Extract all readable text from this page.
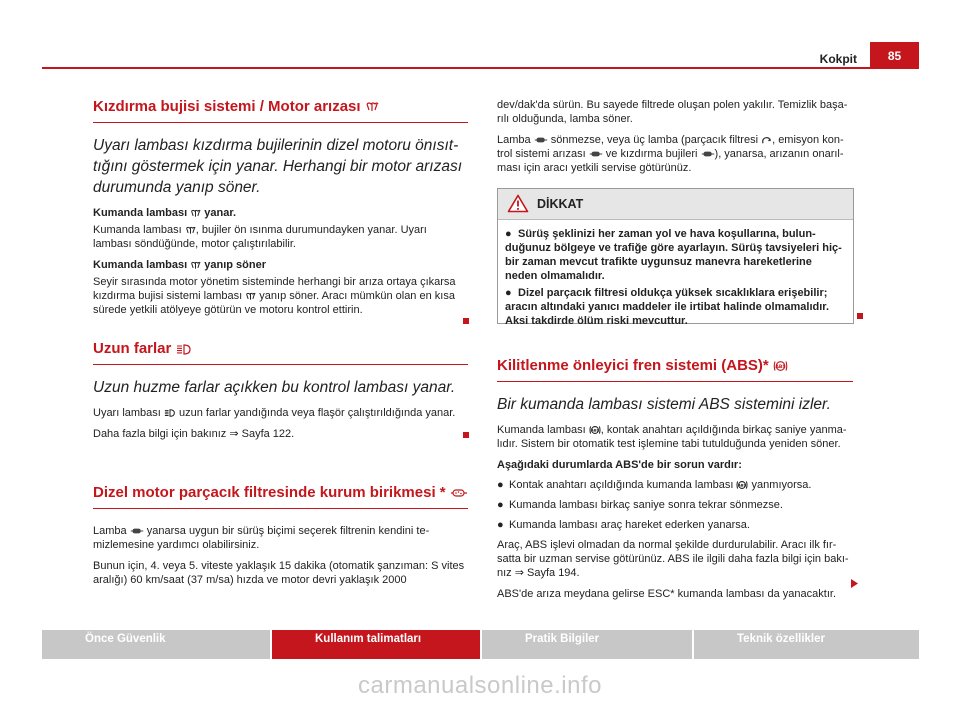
Kokpit	85

Kızdırma bujisi sistemi / Motor arızası

Uyarı lambası kızdırma bujilerinin dizel motoru önısıttığını göstermek için yanar. Herhangi bir motor arızası durumunda yanıp söner.

Kumanda lambası yanar.

Kumanda lambası , bujiler ön ısınma durumundayken yanar. Uyarı lambası söndüğünde, motor çalıştırılabilir.

Kumanda lambası yanıp söner

Seyir sırasında motor yönetim sisteminde herhangi bir arıza ortaya çıkarsa kızdırma bujisi sistemi lambası yanıp söner. Aracı mümkün olan en kısa sürede yetkili atölyeye götürün ve motoru kontrol ettirin.

Uzun farlar

Uzun huzme farlar açıkken bu kontrol lambası yanar.

Uyarı lambası uzun farlar yandığında veya flaşör çalıştırıldığında yanar.

Daha fazla bilgi için bakınız ⇒ Sayfa 122.

Dizel motor parçacık filtresinde kurum birikmesi *

Lamba yanarsa uygun bir sürüş biçimi seçerek filtrenin kendini temizlemesine yardımcı olabilirsiniz.

Bunun için, 4. veya 5. viteste yaklaşık 15 dakika (otomatik şanzıman: S vites aralığı) 60 km/saat (37 m/sa) hızda ve motor devri yaklaşık 2000

dev/dak'da sürün. Bu sayede filtrede oluşan polen yakılır. Temizlik başarılı olduğunda, lamba söner.

Lamba sönmezse, veya üç lamba (parçacık filtresi , emisyon kontrol sistemi arızası ve kızdırma bujileri ), yanarsa, arızanın onarılması için aracı yetkili servise götürünüz.

DİKKAT

● Sürüş şeklinizi her zaman yol ve hava koşullarına, bulunduğunuz bölgeye ve trafiğe göre ayarlayın. Sürüş tavsiyeleri hiçbir zaman mevcut trafikte uygunsuz manevra hareketlerine neden olmamalıdır.

● Dizel parçacık filtresi oldukça yüksek sıcaklıklara erişebilir; aracın altındaki yanıcı maddeler ile irtibat halinde olmamalıdır. Aksi takdirde ölüm riski mevcuttur.

Kilitlenme önleyici fren sistemi (ABS)* ABS

Bir kumanda lambası sistemi ABS sistemini izler.

Kumanda lambası ABS , kontak anahtarı açıldığında birkaç saniye yanmalıdır. Sistem bir otomatik test işlemine tabi tutulduğunda yeniden söner.

Aşağıdaki durumlarda ABS'de bir sorun vardır:

● Kontak anahtarı açıldığında kumanda lambası ABS yanmıyorsa.

● Kumanda lambası birkaç saniye sonra tekrar sönmezse.

● Kumanda lambası araç hareket ederken yanarsa.

Araç, ABS işlevi olmadan da normal şekilde durdurulabilir. Aracı ilk fırsatta bir uzman servise götürünüz. ABS ile ilgili daha fazla bilgi için bakınız ⇒ Sayfa 194.

ABS'de arıza meydana gelirse ESC* kumanda lambası da yanacaktır.

Önce Güvenlik	Kullanım talimatları	Pratik Bilgiler	Teknik özellikler
carmanualsonline.info
